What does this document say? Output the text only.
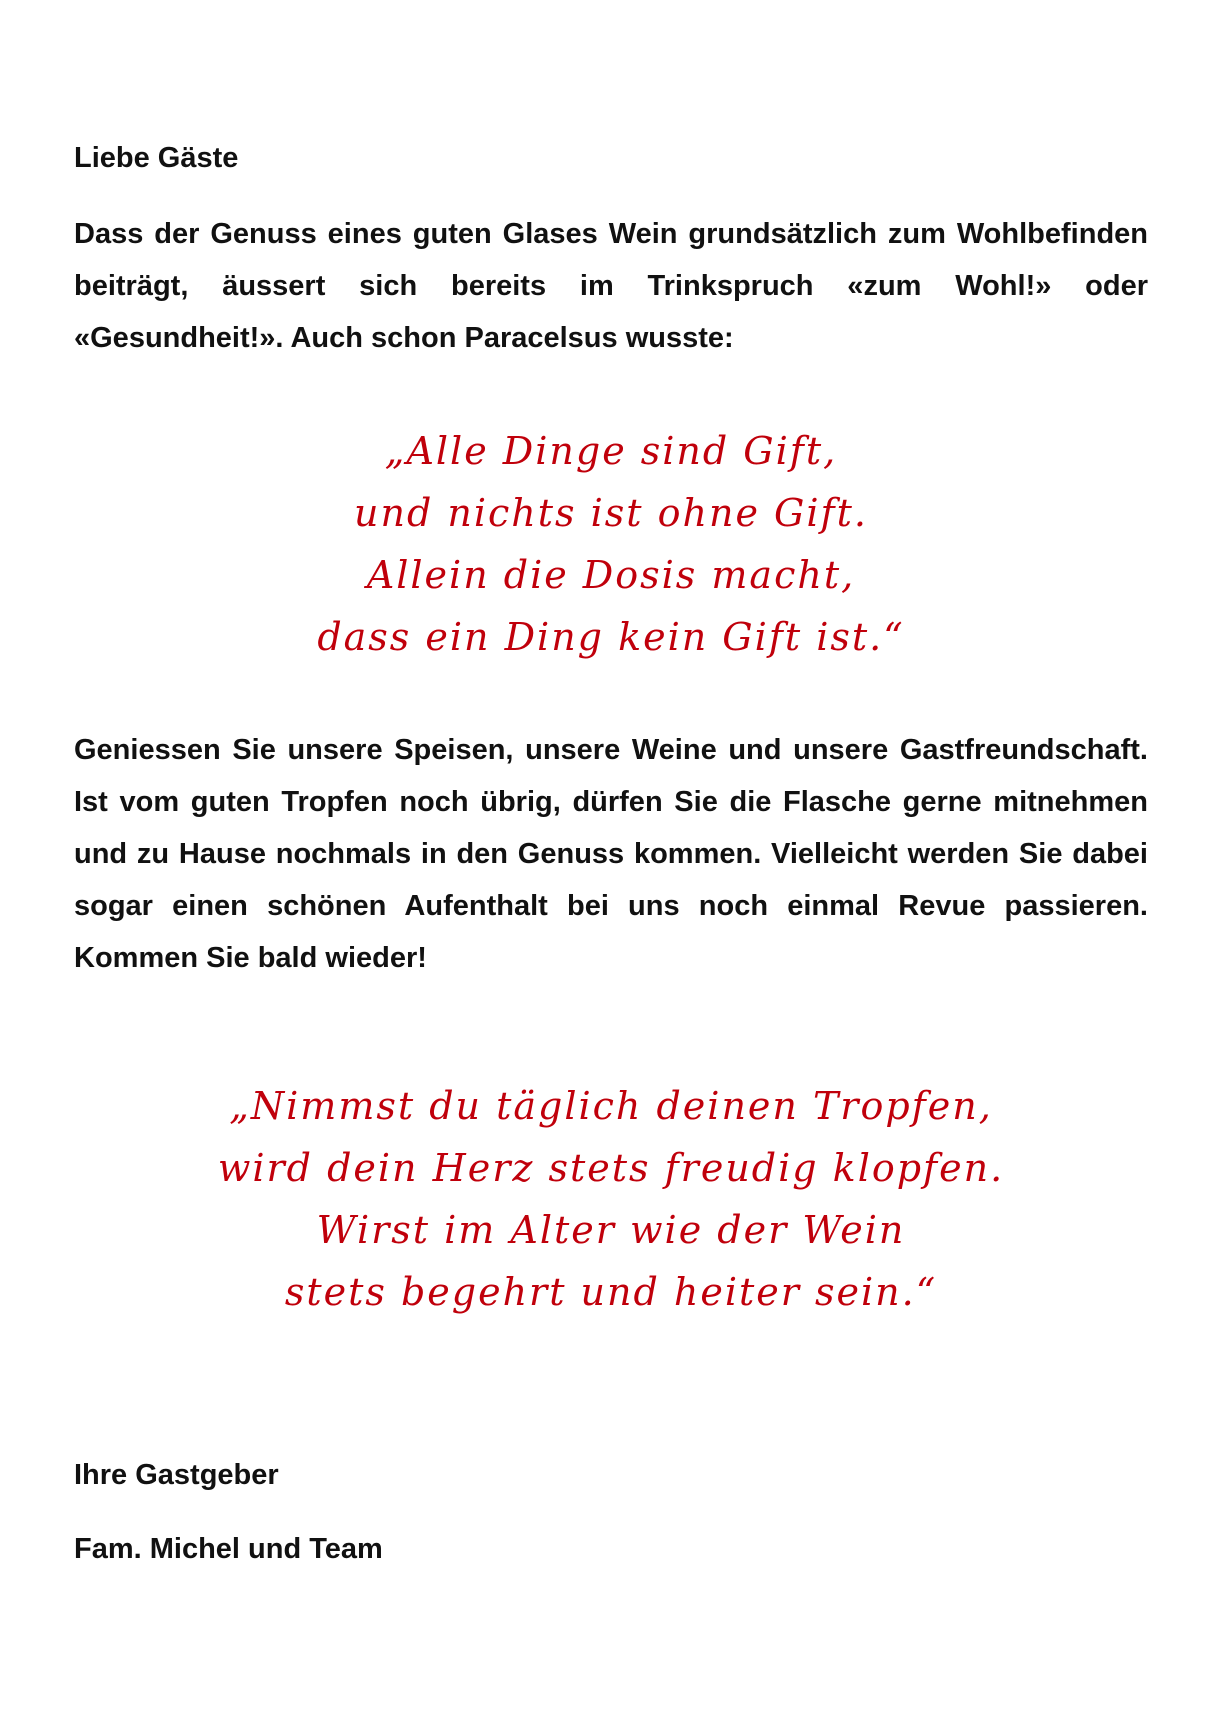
Liebe Gäste

Dass der Genuss eines guten Glases Wein grundsätzlich zum Wohlbefinden beiträgt, äussert sich bereits im Trinkspruch «zum Wohl!» oder «Gesundheit!». Auch schon Paracelsus wusste:

„Alle Dinge sind Gift,
und nichts ist ohne Gift.
Allein die Dosis macht,
dass ein Ding kein Gift ist.“

Geniessen Sie unsere Speisen, unsere Weine und unsere Gastfreundschaft. Ist vom guten Tropfen noch übrig, dürfen Sie die Flasche gerne mitnehmen und zu Hause nochmals in den Genuss kommen. Vielleicht werden Sie dabei sogar einen schönen Aufenthalt bei uns noch einmal Revue passieren. Kommen Sie bald wieder!

„Nimmst du täglich deinen Tropfen,
wird dein Herz stets freudig klopfen.
Wirst im Alter wie der Wein
stets begehrt und heiter sein.“

Ihre Gastgeber

Fam. Michel und Team
